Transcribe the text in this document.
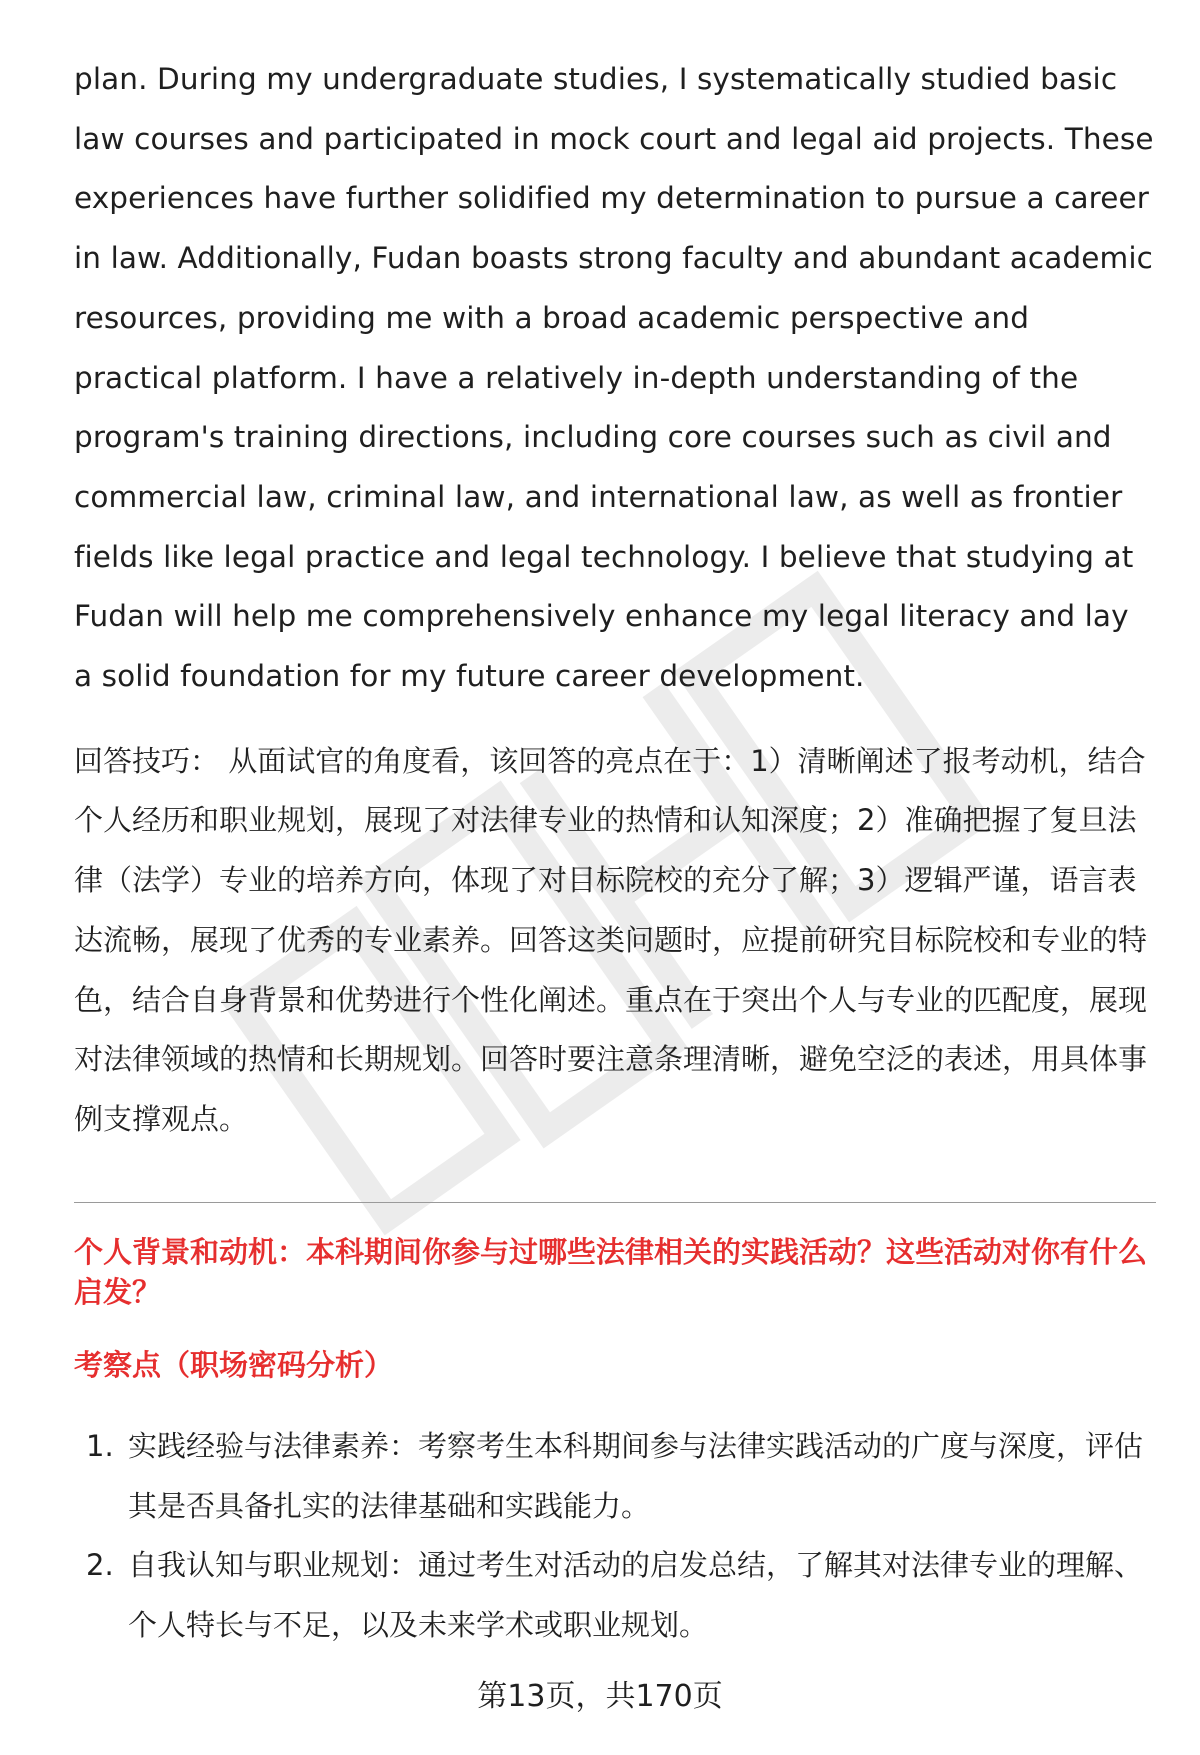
plan. During my undergraduate studies, I systematically studied basic law courses and participated in mock court and legal aid projects. These experiences have further solidified my determination to pursue a career in law. Additionally, Fudan boasts strong faculty and abundant academic resources, providing me with a broad academic perspective and practical platform. I have a relatively in-depth understanding of the program's training directions, including core courses such as civil and commercial law, criminal law, and international law, as well as frontier fields like legal practice and legal technology. I believe that studying at Fudan will help me comprehensively enhance my legal literacy and lay a solid foundation for my future career development.

回答技巧： 从面试官的角度看，该回答的亮点在于：1）清晰阐述了报考动机，结合个人经历和职业规划，展现了对法律专业的热情和认知深度；2）准确把握了复旦法律（法学）专业的培养方向，体现了对目标院校的充分了解；3）逻辑严谨，语言表达流畅，展现了优秀的专业素养。回答这类问题时，应提前研究目标院校和专业的特色，结合自身背景和优势进行个性化阐述。重点在于突出个人与专业的匹配度，展现对法律领域的热情和长期规划。回答时要注意条理清晰，避免空泛的表述，用具体事例支撑观点。

个人背景和动机：本科期间你参与过哪些法律相关的实践活动？这些活动对你有什么启发？

考察点（职场密码分析）

1. 实践经验与法律素养：考察考生本科期间参与法律实践活动的广度与深度，评估其是否具备扎实的法律基础和实践能力。
2. 自我认知与职业规划：通过考生对活动的启发总结，了解其对法律专业的理解、个人特长与不足，以及未来学术或职业规划。
第13页，共170页
